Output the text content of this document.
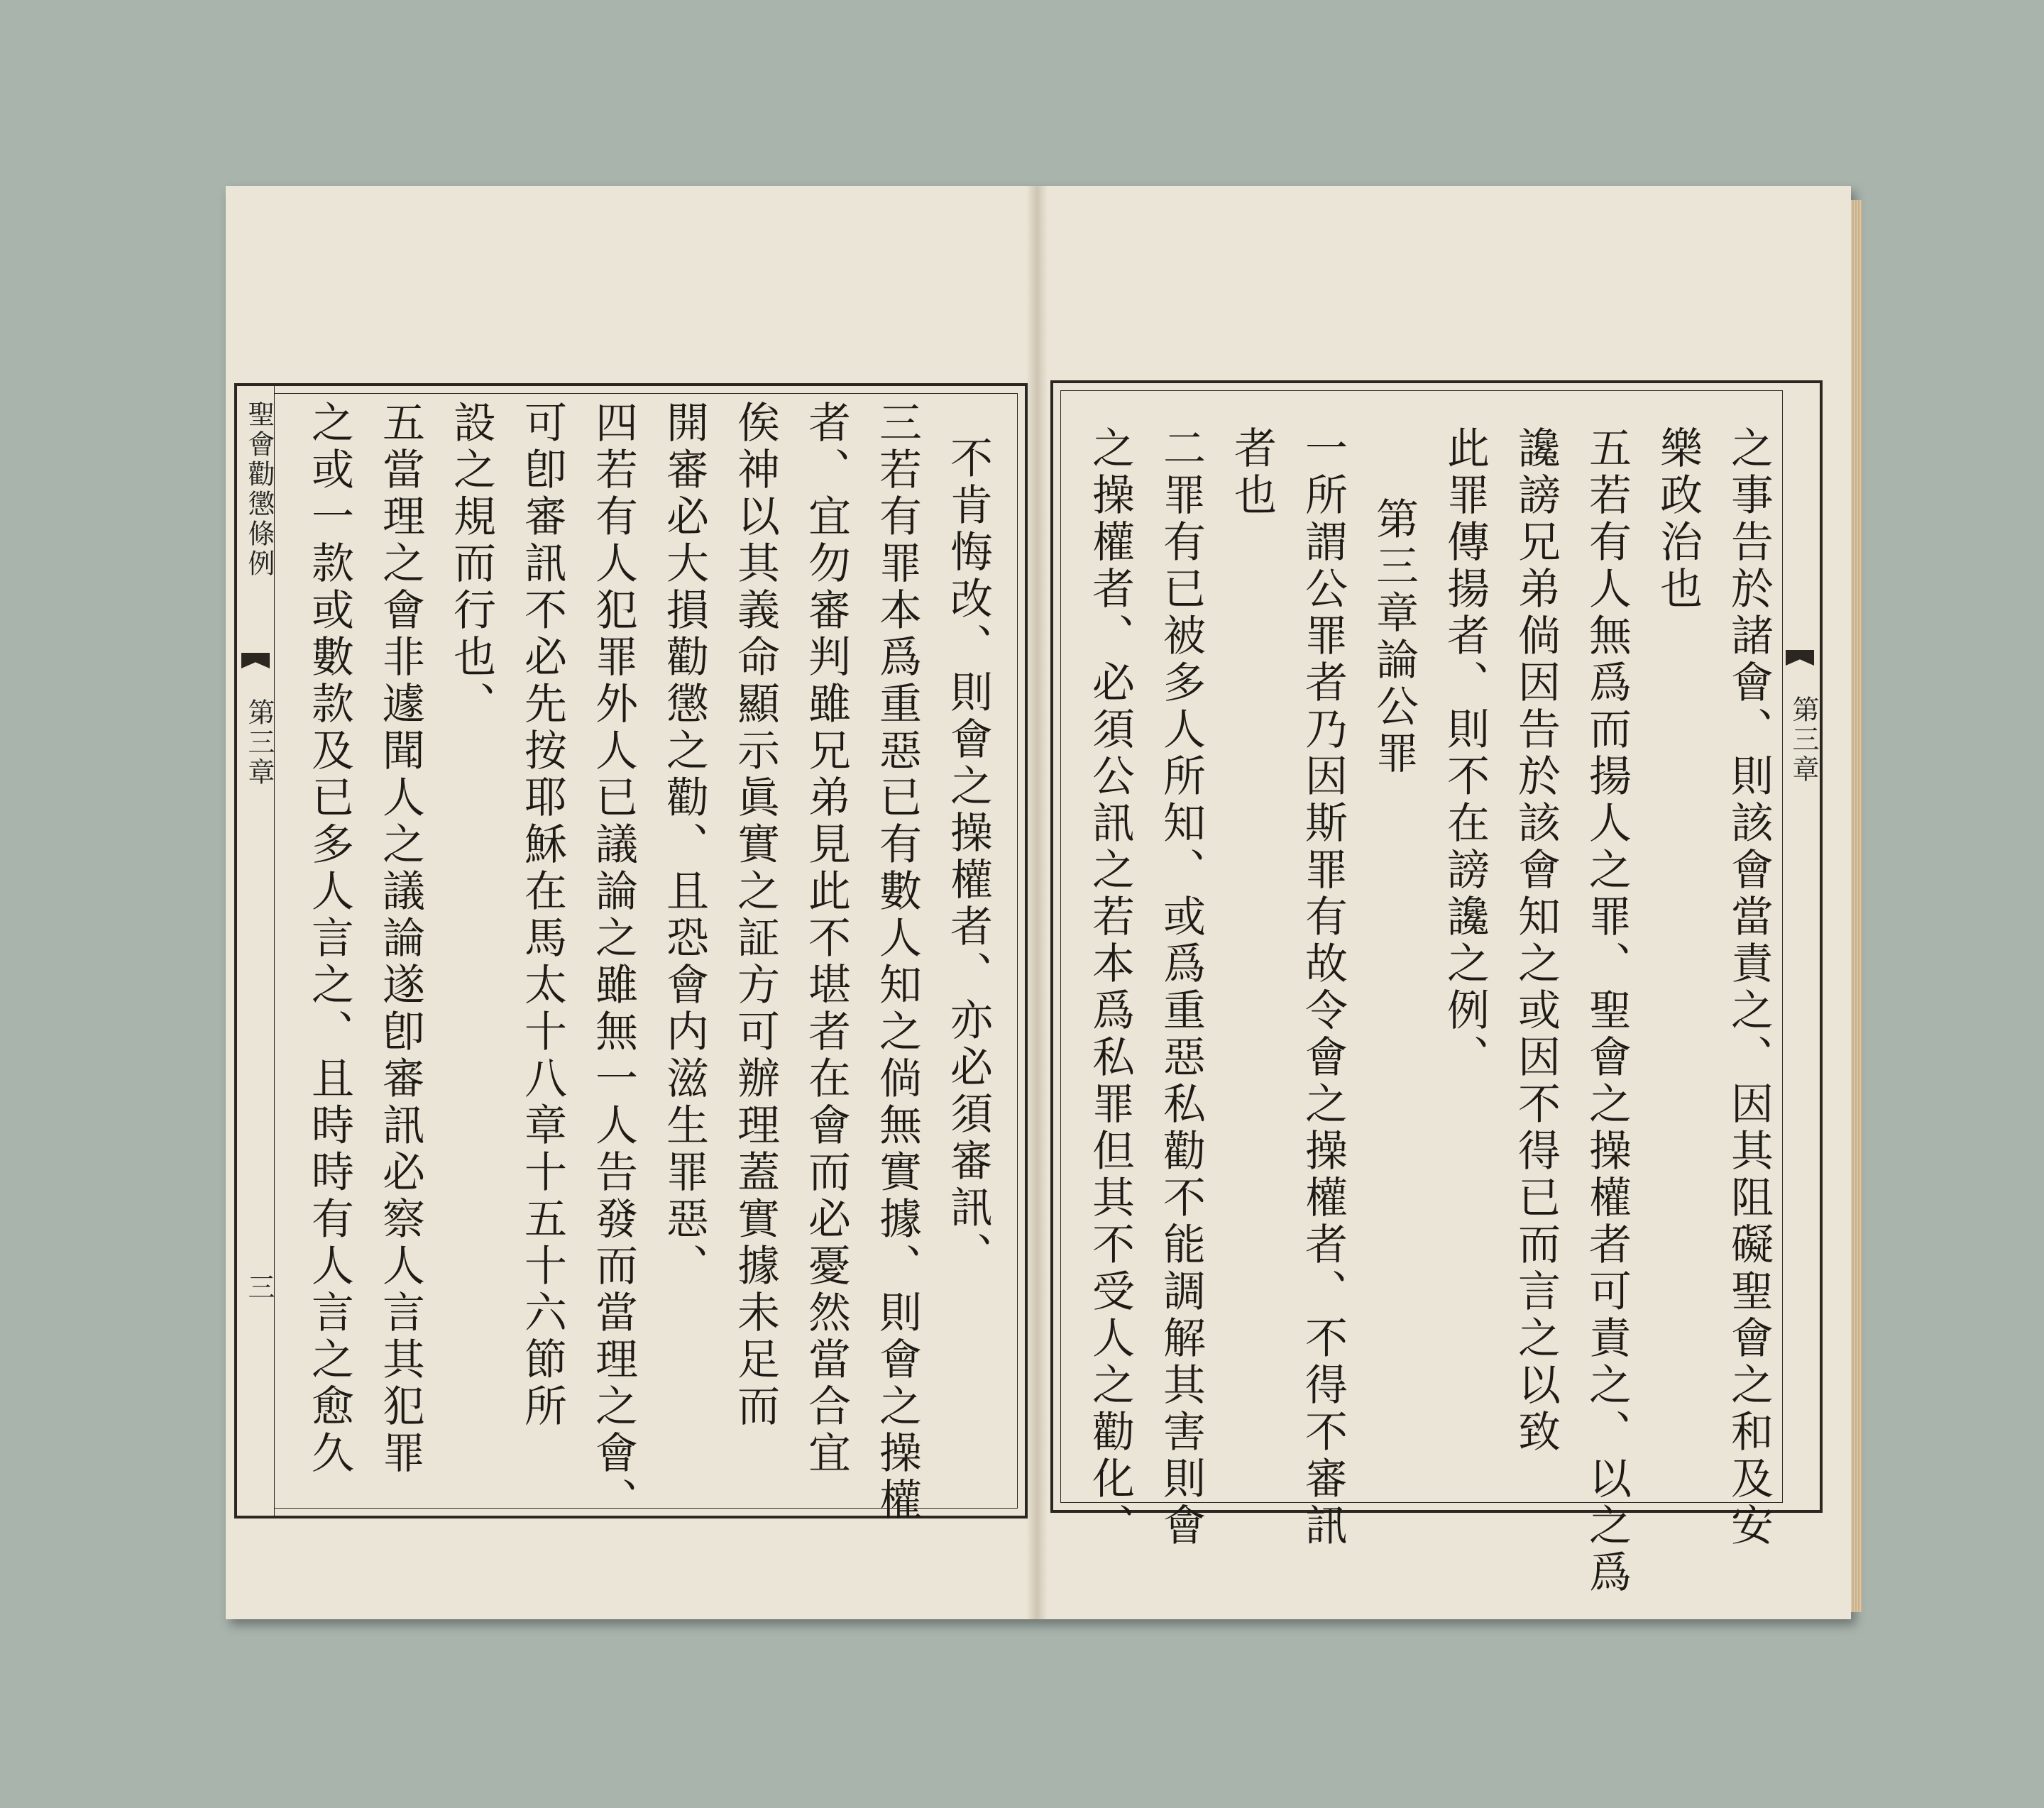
聖會勸懲條例
第三章
三
不肯悔改、則會之操權者、亦必須審訊、
三若有罪本爲重惡已有數人知之倘無實據、則會之操權
者、宜勿審判雖兄弟見此不堪者在會而必憂然當合宜
俟神以其義命顯示眞實之証方可辦理蓋實據未足而
開審必大損勸懲之勸、且恐會内滋生罪惡、
四若有人犯罪外人已議論之雖無一人告發而當理之會、
可卽審訊不必先按耶穌在馬太十八章十五十六節所
設之規而行也、
五當理之會非遽聞人之議論遂卽審訊必察人言其犯罪
之或一款或數款及已多人言之、且時時有人言之愈久	第三章
之事告於諸會、則該會當責之、因其阻礙聖會之和及安
樂政治也
五若有人無爲而揚人之罪、聖會之操權者可責之、以之爲
讒謗兄弟倘因告於該會知之或因不得已而言之以致
此罪傳揚者、則不在謗讒之例、
第三章論公罪
一所謂公罪者乃因斯罪有故令會之操權者、不得不審訊
者也
二罪有已被多人所知、或爲重惡私勸不能調解其害則會
之操權者、必須公訊之若本爲私罪但其不受人之勸化、
